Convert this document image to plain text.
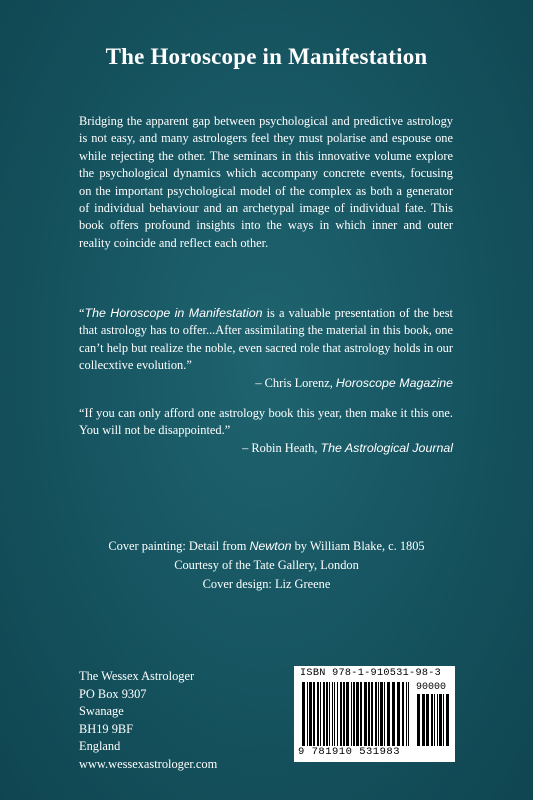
The Horoscope in Manifestation

Bridging the apparent gap between psychological and predictive astrology is not easy, and many astrologers feel they must polarise and espouse one while rejecting the other. The seminars in this innovative volume explore the psychological dynamics which accompany concrete events, focusing on the important psychological model of the complex as both a generator of individual behaviour and an archetypal image of individual fate. This book offers profound insights into the ways in which inner and outer reality coincide and reflect each other.

“The Horoscope in Manifestation is a valuable presentation of the best that astrology has to offer...After assimilating the material in this book, one can’t help but realize the noble, even sacred role that astrology holds in our collecxtive evolution.”
– Chris Lorenz, Horoscope Magazine
“If you can only afford one astrology book this year, then make it this one. You will not be disappointed.”
– Robin Heath, The Astrological Journal
Cover painting: Detail from Newton by William Blake, c. 1805
Courtesy of the Tate Gallery, London
Cover design: Liz Greene
The Wessex Astrologer
PO Box 9307
Swanage
BH19 9BF
England
www.wessexastrologer.com
ISBN 978-1-910531-98-3
90000
9 781910 531983
